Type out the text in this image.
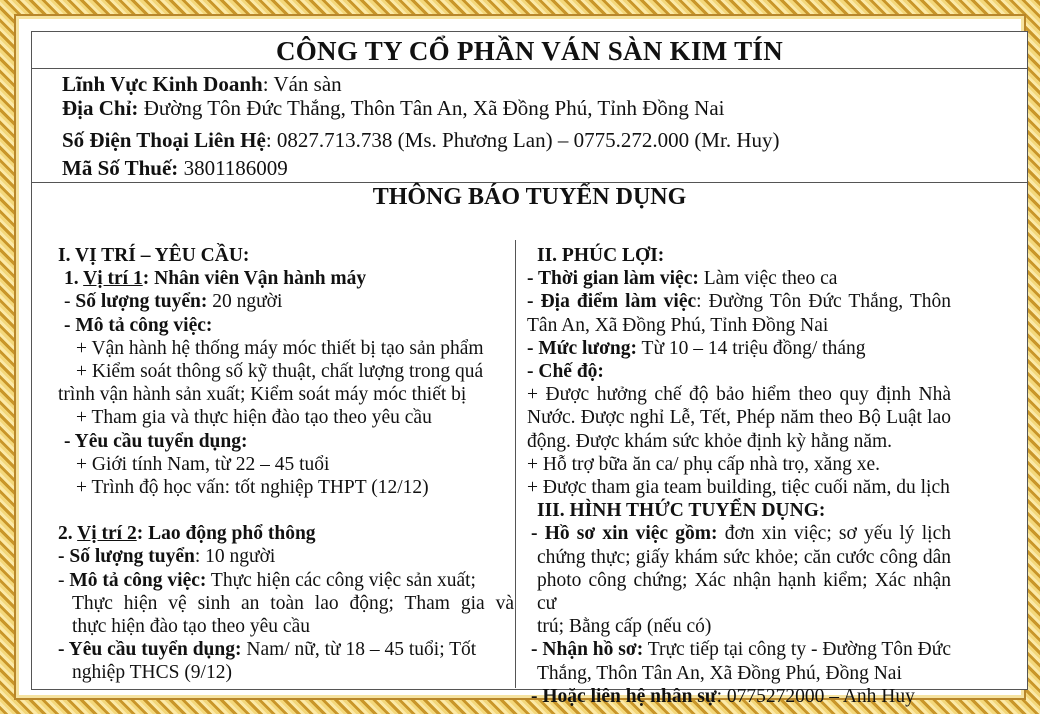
CÔNG TY CỔ PHẦN VÁN SÀN KIM TÍN
Lĩnh Vực Kinh Doanh: Ván sàn
Địa Chỉ: Đường Tôn Đức Thắng, Thôn Tân An, Xã Đồng Phú, Tỉnh Đồng Nai
Số Điện Thoại Liên Hệ: 0827.713.738 (Ms. Phương Lan) – 0775.272.000 (Mr. Huy)
Mã Số Thuế: 3801186009
THÔNG BÁO TUYỂN DỤNG
I. VỊ TRÍ – YÊU CẦU:
1. Vị trí 1: Nhân viên Vận hành máy
- Số lượng tuyển: 20 người
- Mô tả công việc:
+ Vận hành hệ thống máy móc thiết bị tạo sản phẩm
+ Kiểm soát thông số kỹ thuật, chất lượng trong quá
trình vận hành sản xuất; Kiểm soát máy móc thiết bị
+ Tham gia và thực hiện đào tạo theo yêu cầu
- Yêu cầu tuyển dụng:
+ Giới tính Nam, từ 22 – 45 tuổi
+ Trình độ học vấn: tốt nghiệp THPT (12/12)
2. Vị trí 2: Lao động phổ thông
- Số lượng tuyển: 10 người
- Mô tả công việc: Thực hiện các công việc sản xuất;
Thực hiện vệ sinh an toàn lao động; Tham gia và
thực hiện đào tạo theo yêu cầu
- Yêu cầu tuyển dụng: Nam/ nữ, từ 18 – 45 tuổi; Tốt
nghiệp THCS (9/12)
II. PHÚC LỢI:
- Thời gian làm việc: Làm việc theo ca
- Địa điểm làm việc: Đường Tôn Đức Thắng, Thôn
Tân An, Xã Đồng Phú, Tỉnh Đồng Nai
- Mức lương: Từ 10 – 14 triệu đồng/ tháng
- Chế độ:
+ Được hưởng chế độ bảo hiểm theo quy định Nhà
Nước. Được nghỉ Lễ, Tết, Phép năm theo Bộ Luật lao
động. Được khám sức khỏe định kỳ hằng năm.
+ Hỗ trợ bữa ăn ca/ phụ cấp nhà trọ, xăng xe.
+ Được tham gia team building, tiệc cuối năm, du lịch
III. HÌNH THỨC TUYỂN DỤNG:
- Hồ sơ xin việc gồm: đơn xin việc; sơ yếu lý lịch
chứng thực; giấy khám sức khỏe; căn cước công dân
photo công chứng; Xác nhận hạnh kiểm; Xác nhận cư
trú; Bằng cấp (nếu có)
- Nhận hồ sơ: Trực tiếp tại công ty - Đường Tôn Đức
Thắng, Thôn Tân An, Xã Đồng Phú, Đồng Nai
- Hoặc liên hệ nhân sự: 0775272000 – Anh Huy
